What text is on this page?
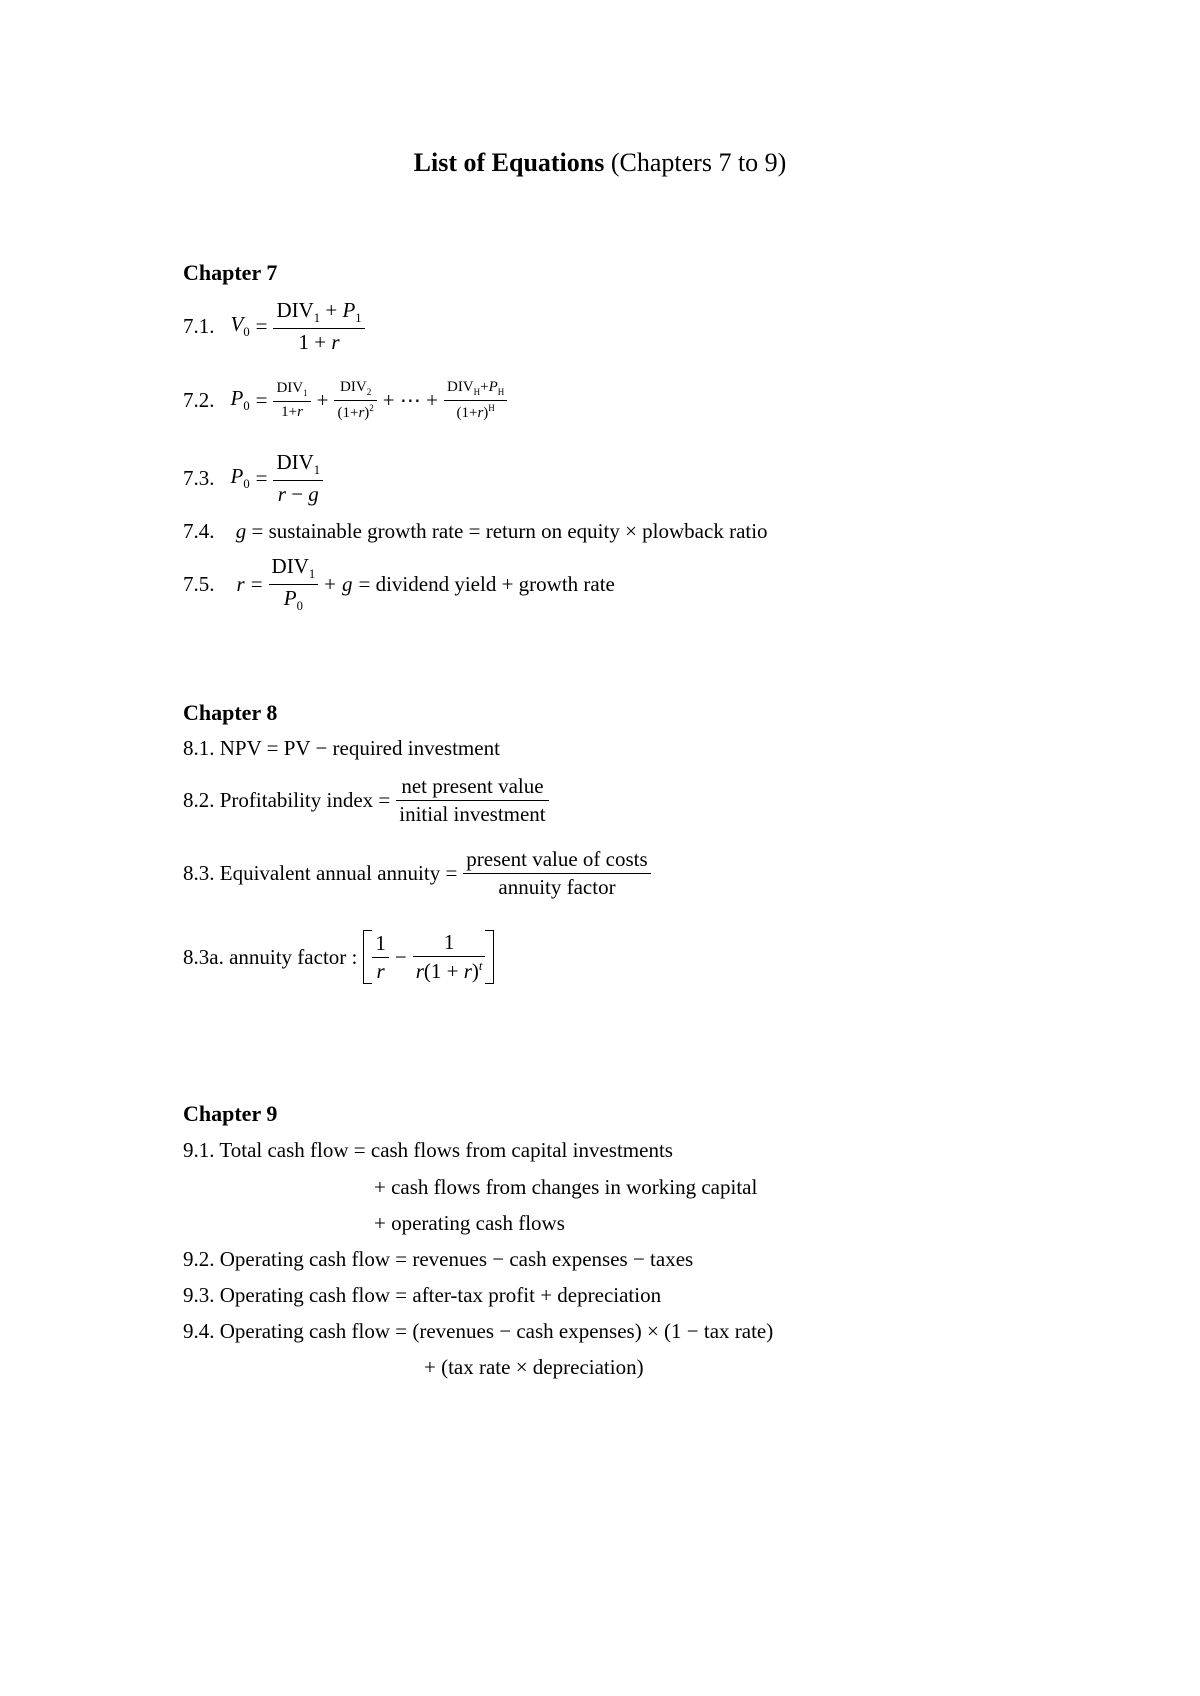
List of Equations (Chapters 7 to 9)
Chapter 7
7.1. $V_0 = \frac{DIV_1 + P_1}{1 + r}$
7.2. $P_0 = \frac{DIV_1}{1+r} + \frac{DIV_2}{(1+r)^2}$ + ⋯ + $\frac{DIV_H+P_H}{(1+r)^H}$
7.3. $P_0 = \frac{DIV_1}{r - g}$
7.4. g = sustainable growth rate = return on equity × plowback ratio
7.5. $r = \frac{DIV_1}{P_0} + g$ = dividend yield + growth rate
Chapter 8
8.1. NPV = PV − required investment
8.2. Profitability index = $\frac{\text{net present value}}{\text{initial investment}}$
8.3. Equivalent annual annuity = $\frac{\text{present value of costs}}{\text{annuity factor}}$
8.3a. annuity factor : $\frac{1}{r} - \frac{1}{r(1 + r)^t}$
Chapter 9
9.1. Total cash flow = cash flows from capital investments
+ cash flows from changes in working capital
+ operating cash flows
9.2. Operating cash flow = revenues − cash expenses − taxes
9.3. Operating cash flow = after-tax profit + depreciation
9.4. Operating cash flow = (revenues − cash expenses) × (1 − tax rate)
+ (tax rate × depreciation)
